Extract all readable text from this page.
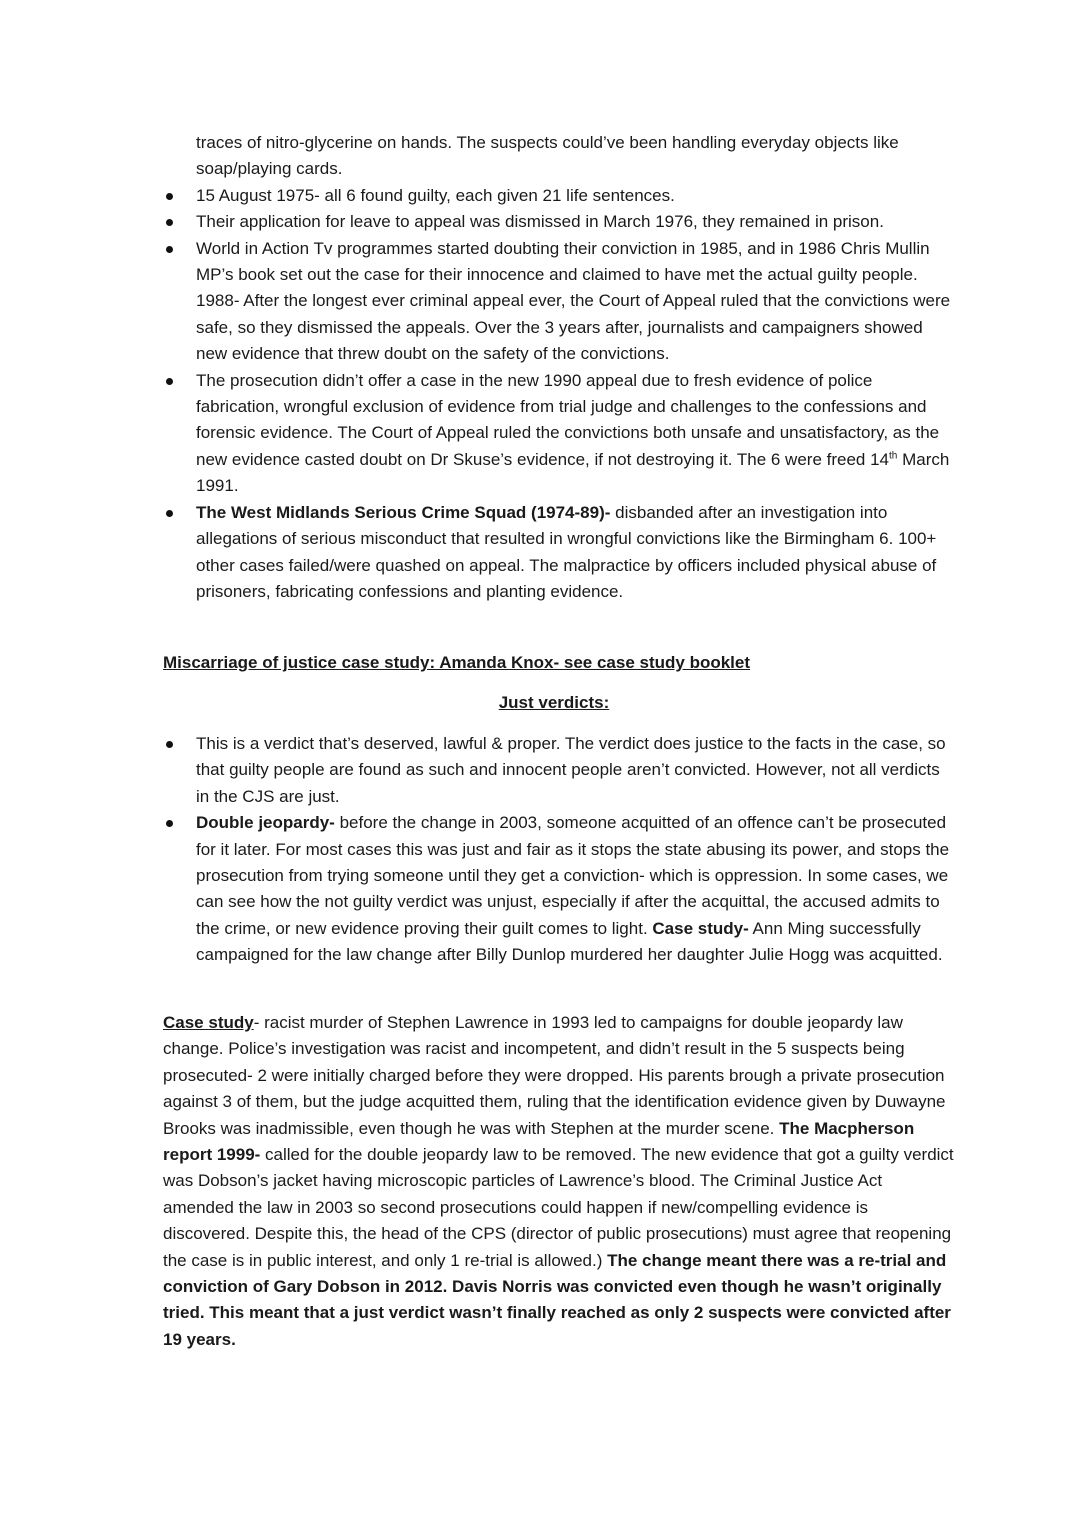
traces of nitro-glycerine on hands. The suspects could’ve been handling everyday objects like soap/playing cards.
15 August 1975- all 6 found guilty, each given 21 life sentences.
Their application for leave to appeal was dismissed in March 1976, they remained in prison.
World in Action Tv programmes started doubting their conviction in 1985, and in 1986 Chris Mullin MP’s book set out the case for their innocence and claimed to have met the actual guilty people. 1988- After the longest ever criminal appeal ever, the Court of Appeal ruled that the convictions were safe, so they dismissed the appeals. Over the 3 years after, journalists and campaigners showed new evidence that threw doubt on the safety of the convictions.
The prosecution didn’t offer a case in the new 1990 appeal due to fresh evidence of police fabrication, wrongful exclusion of evidence from trial judge and challenges to the confessions and forensic evidence. The Court of Appeal ruled the convictions both unsafe and unsatisfactory, as the new evidence casted doubt on Dr Skuse’s evidence, if not destroying it. The 6 were freed 14th March 1991.
The West Midlands Serious Crime Squad (1974-89)- disbanded after an investigation into allegations of serious misconduct that resulted in wrongful convictions like the Birmingham 6. 100+ other cases failed/were quashed on appeal. The malpractice by officers included physical abuse of prisoners, fabricating confessions and planting evidence.
Miscarriage of justice case study: Amanda Knox- see case study booklet
Just verdicts:
This is a verdict that’s deserved, lawful & proper. The verdict does justice to the facts in the case, so that guilty people are found as such and innocent people aren’t convicted. However, not all verdicts in the CJS are just.
Double jeopardy- before the change in 2003, someone acquitted of an offence can’t be prosecuted for it later. For most cases this was just and fair as it stops the state abusing its power, and stops the prosecution from trying someone until they get a conviction- which is oppression. In some cases, we can see how the not guilty verdict was unjust, especially if after the acquittal, the accused admits to the crime, or new evidence proving their guilt comes to light. Case study- Ann Ming successfully campaigned for the law change after Billy Dunlop murdered her daughter Julie Hogg was acquitted.

Case study- racist murder of Stephen Lawrence in 1993 led to campaigns for double jeopardy law change. Police’s investigation was racist and incompetent, and didn’t result in the 5 suspects being prosecuted- 2 were initially charged before they were dropped. His parents brough a private prosecution against 3 of them, but the judge acquitted them, ruling that the identification evidence given by Duwayne Brooks was inadmissible, even though he was with Stephen at the murder scene. The Macpherson report 1999- called for the double jeopardy law to be removed. The new evidence that got a guilty verdict was Dobson’s jacket having microscopic particles of Lawrence’s blood. The Criminal Justice Act amended the law in 2003 so second prosecutions could happen if new/compelling evidence is discovered. Despite this, the head of the CPS (director of public prosecutions) must agree that reopening the case is in public interest, and only 1 re-trial is allowed.) The change meant there was a re-trial and conviction of Gary Dobson in 2012. Davis Norris was convicted even though he wasn’t originally tried. This meant that a just verdict wasn’t finally reached as only 2 suspects were convicted after 19 years.
